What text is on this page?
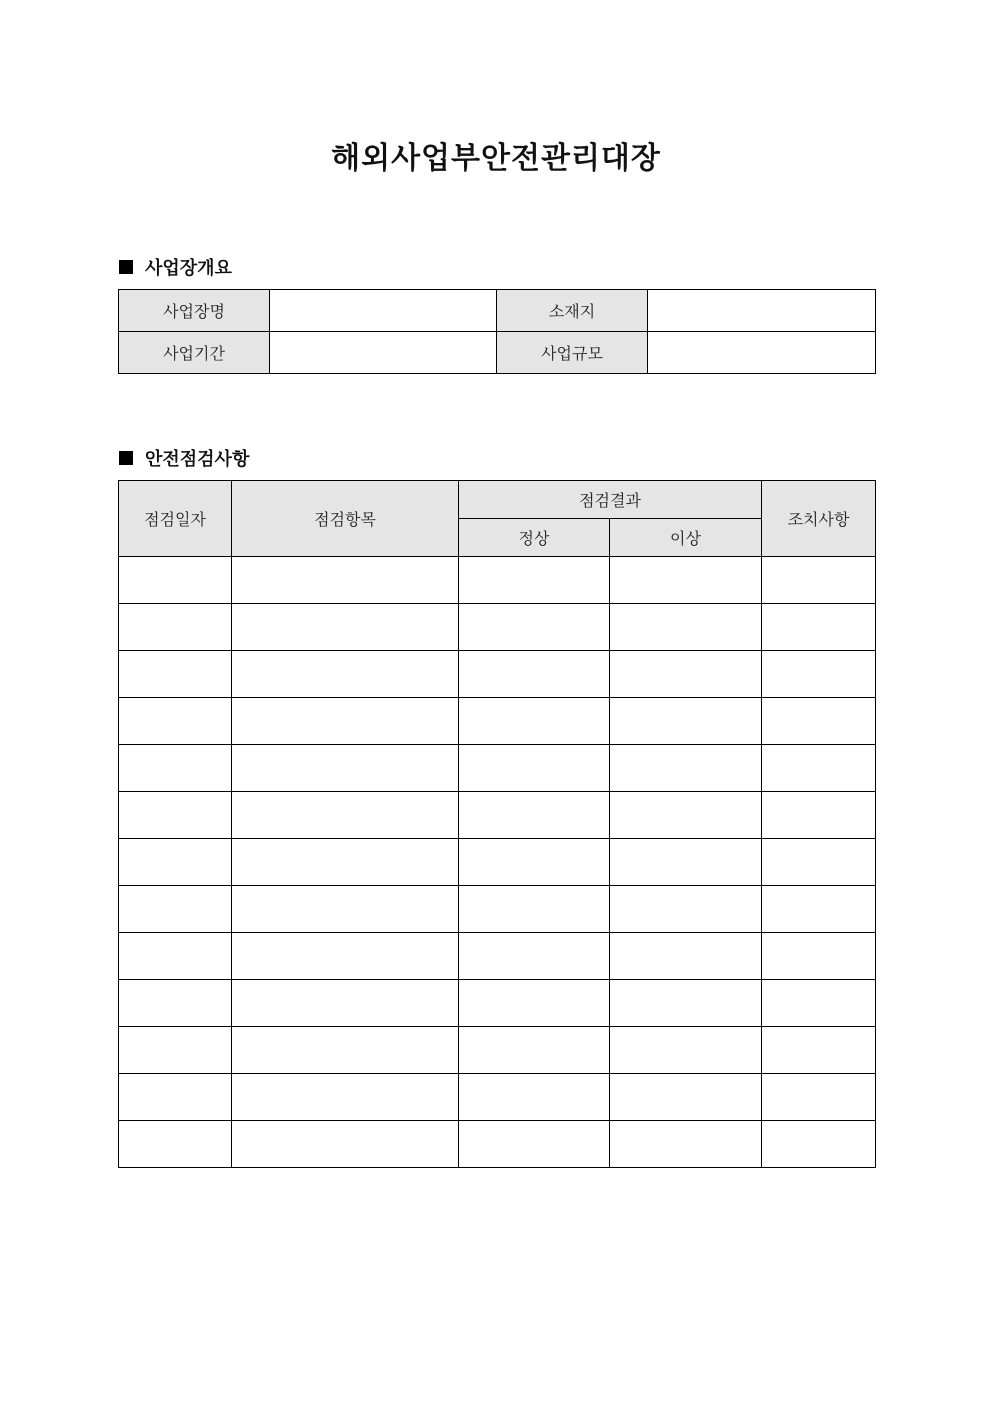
해외사업부안전관리대장
사업장개요
사업장명		소재지	
사업기간		사업규모	
안전점검사항
점검일자	점검항목	점검결과		조치사항
		정상	이상	
